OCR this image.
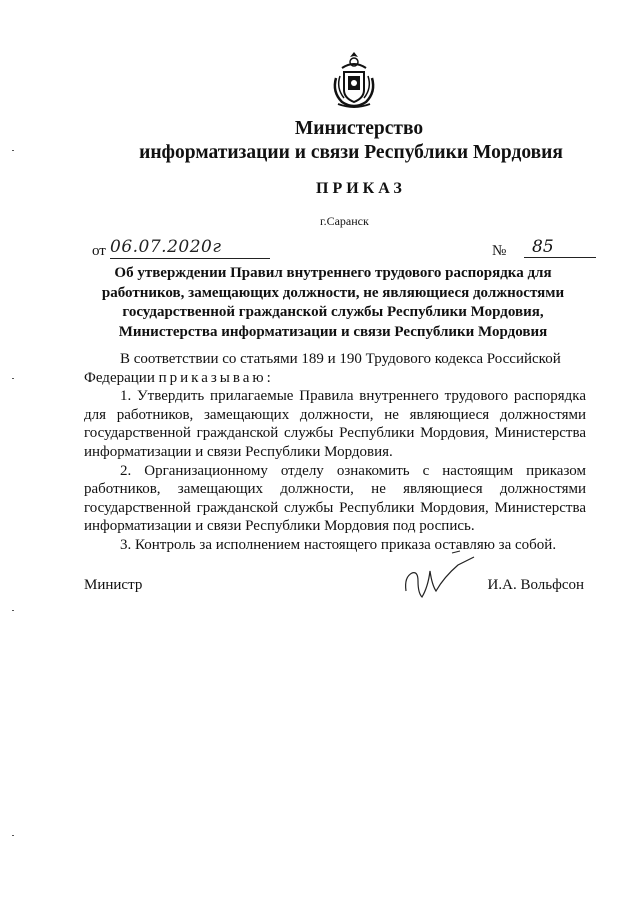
Министерство
информатизации и связи Республики Мордовия
ПРИКАЗ
г.Саранск
от 06.07.2020г	№	85
Об утверждении Правил внутреннего трудового распорядка для работников, замещающих должности, не являющиеся должностями государственной гражданской службы Республики Мордовия, Министерства информатизации и связи Республики Мордовия

В соответствии со статьями 189 и 190 Трудового кодекса Российской

Федерации приказываю:

1. Утвердить прилагаемые Правила внутреннего трудового распорядка для работников, замещающих должности, не являющиеся должностями государственной гражданской службы Республики Мордовия, Министерства информатизации и связи Республики Мордовия.

2. Организационному отделу ознакомить с настоящим приказом работников, замещающих должности, не являющиеся должностями государственной гражданской службы Республики Мордовия, Министерства информатизации и связи Республики Мордовия под роспись.

3. Контроль за исполнением настоящего приказа оставляю за собой.

Министр	И.А. Вольфсон
